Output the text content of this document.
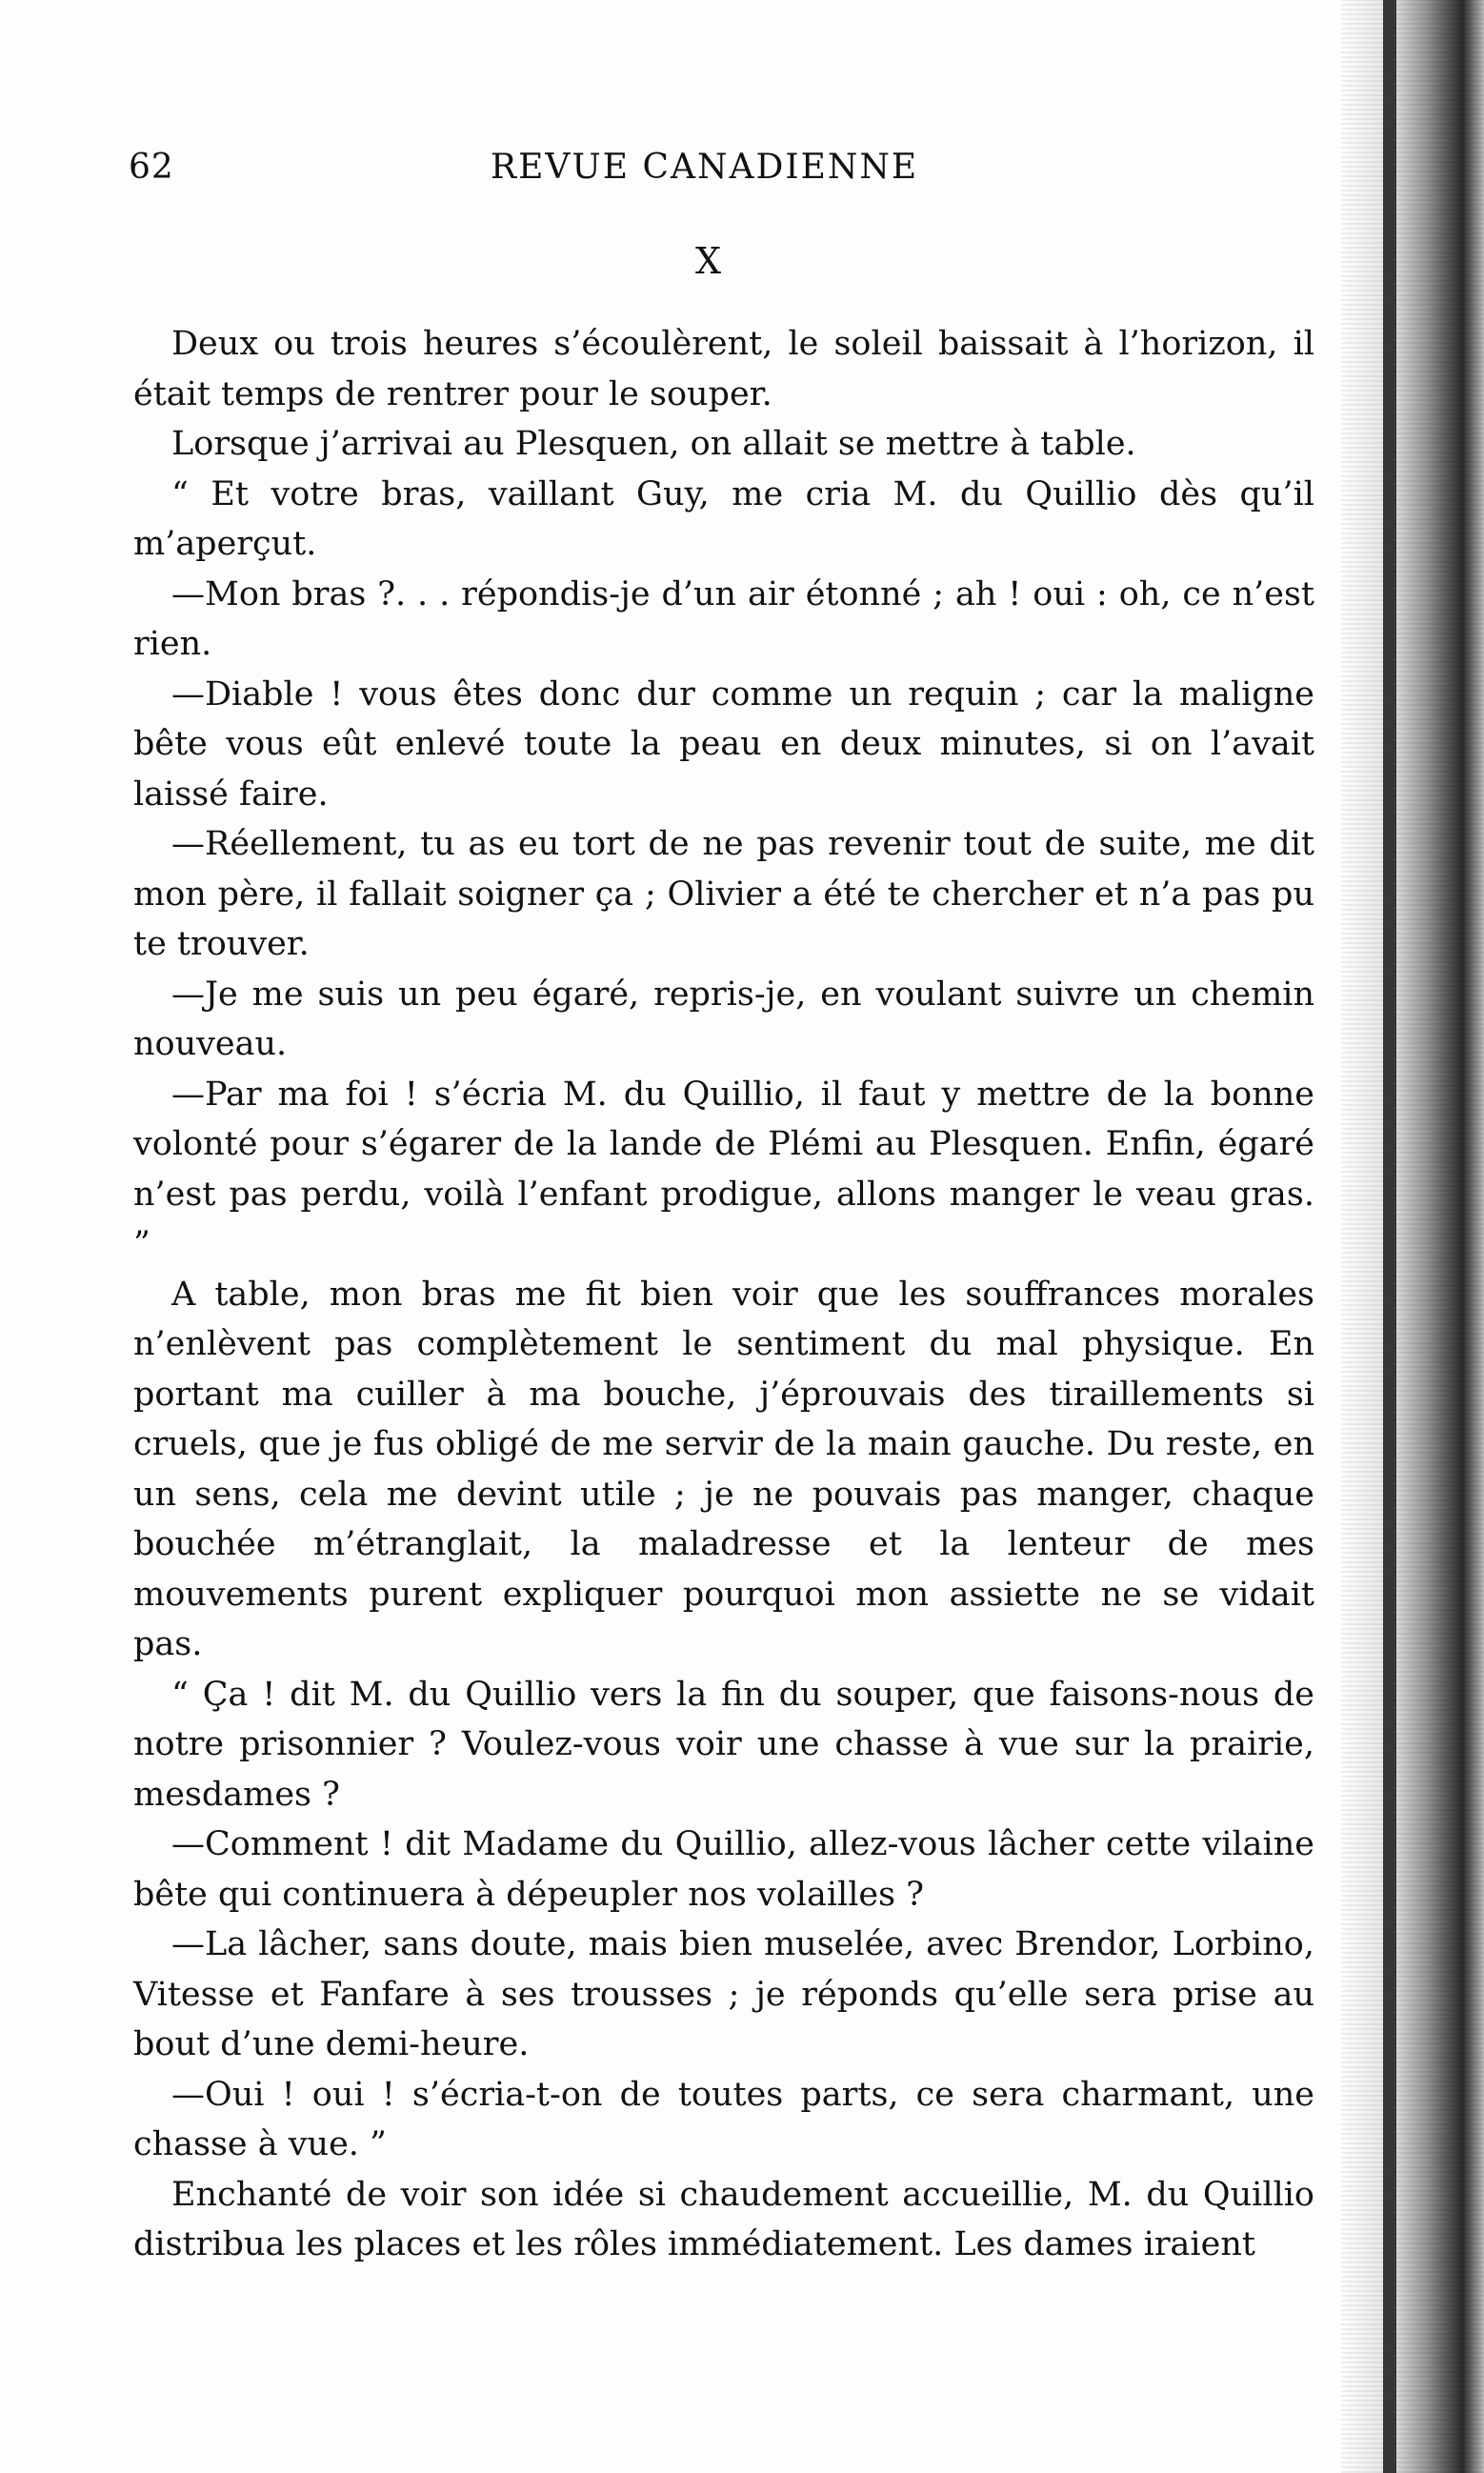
62	REVUE CANADIENNE
X

Deux ou trois heures s’écoulèrent, le soleil baissait à l’horizon, il était temps de rentrer pour le souper.

Lorsque j’arrivai au Plesquen, on allait se mettre à table.

“ Et votre bras, vaillant Guy, me cria M. du Quillio dès qu’il m’aperçut.

—Mon bras ?. . . répondis-je d’un air étonné ; ah ! oui : oh, ce n’est rien.

—Diable ! vous êtes donc dur comme un requin ; car la maligne bête vous eût enlevé toute la peau en deux minutes, si on l’avait laissé faire.

—Réellement, tu as eu tort de ne pas revenir tout de suite, me dit mon père, il fallait soigner ça ; Olivier a été te chercher et n’a pas pu te trouver.

—Je me suis un peu égaré, repris-je, en voulant suivre un chemin nouveau.

—Par ma foi ! s’écria M. du Quillio, il faut y mettre de la bonne volonté pour s’égarer de la lande de Plémi au Plesquen. Enfin, égaré n’est pas perdu, voilà l’enfant prodigue, allons manger le veau gras. ”

A table, mon bras me fit bien voir que les souffrances morales n’enlèvent pas complètement le sentiment du mal physique. En portant ma cuiller à ma bouche, j’éprouvais des tiraillements si cruels, que je fus obligé de me servir de la main gauche. Du reste, en un sens, cela me devint utile ; je ne pouvais pas manger, chaque bouchée m’étranglait, la maladresse et la lenteur de mes mouvements purent expliquer pourquoi mon assiette ne se vidait pas.

“ Ça ! dit M. du Quillio vers la fin du souper, que faisons-nous de notre prisonnier ? Voulez-vous voir une chasse à vue sur la prairie, mesdames ?

—Comment ! dit Madame du Quillio, allez-vous lâcher cette vilaine bête qui continuera à dépeupler nos volailles ?

—La lâcher, sans doute, mais bien muselée, avec Brendor, Lorbino, Vitesse et Fanfare à ses trousses ; je réponds qu’elle sera prise au bout d’une demi-heure.

—Oui ! oui ! s’écria-t-on de toutes parts, ce sera charmant, une chasse à vue. ”

Enchanté de voir son idée si chaudement accueillie, M. du Quillio distribua les places et les rôles immédiatement. Les dames iraient
